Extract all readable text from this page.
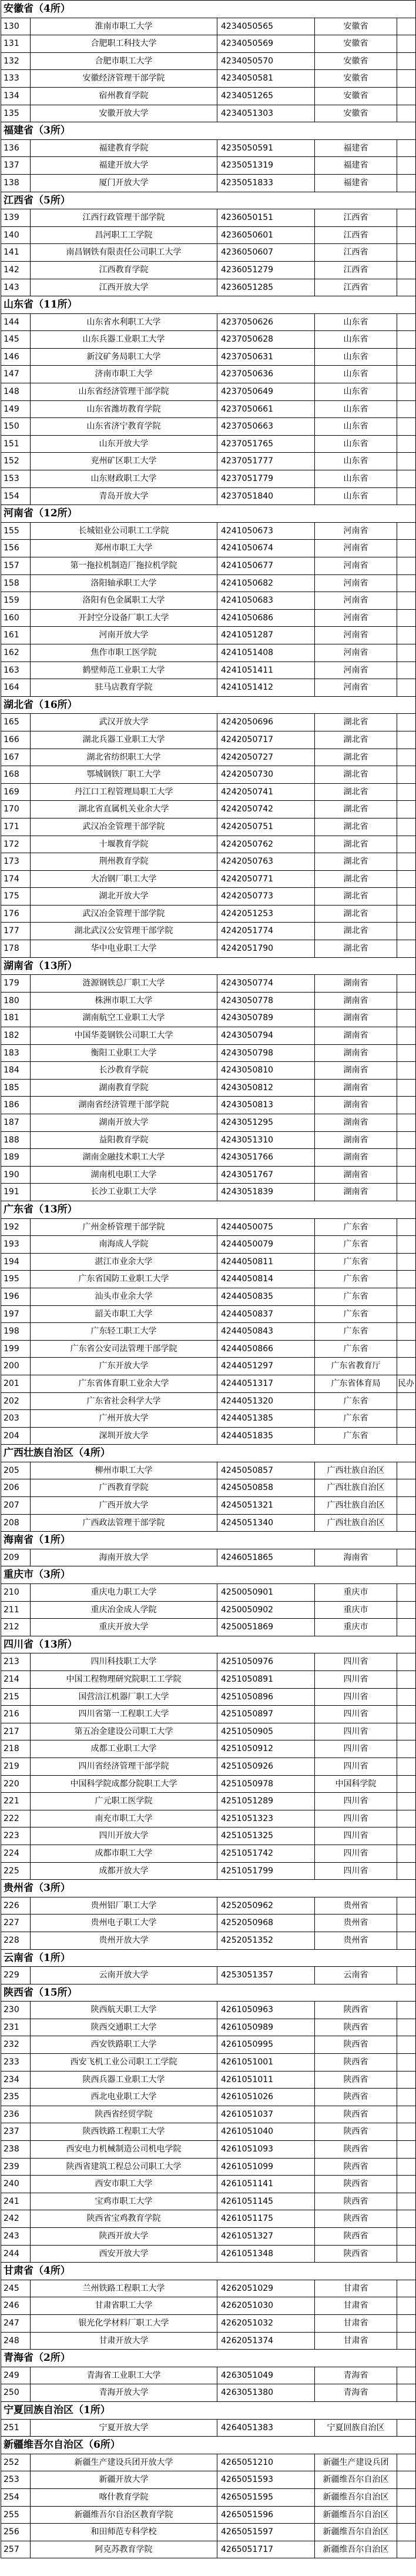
安徽省（4所）
130	淮南市职工大学	4234050565	安徽省
131	合肥职工科技大学	4234050569	安徽省
132	合肥市职工大学	4234050570	安徽省
133	安徽经济管理干部学院	4234050581	安徽省
134	宿州教育学院	4234051265	安徽省
135	安徽开放大学	4234051303	安徽省
福建省（3所）
136	福建教育学院	4235050591	福建省
137	福建开放大学	4235051319	福建省
138	厦门开放大学	4235051833	福建省
江西省（5所）
139	江西行政管理干部学院	4236050151	江西省
140	昌河职工工学院	4236050601	江西省
141	南昌钢铁有限责任公司职工大学	4236050607	江西省
142	江西教育学院	4236051279	江西省
143	江西开放大学	4236051285	江西省
山东省（11所）
144	山东省水利职工大学	4237050626	山东省
145	山东兵器工业职工大学	4237050628	山东省
146	新汶矿务局职工大学	4237050631	山东省
147	济南市职工大学	4237050636	山东省
148	山东省经济管理干部学院	4237050649	山东省
149	山东省潍坊教育学院	4237050661	山东省
150	山东省济宁教育学院	4237050663	山东省
151	山东开放大学	4237051765	山东省
152	兖州矿区职工大学	4237051777	山东省
153	山东财政职工大学	4237051779	山东省
154	青岛开放大学	4237051840	山东省
河南省（12所）
155	长城铝业公司职工工学院	4241050673	河南省
156	郑州市职工大学	4241050674	河南省
157	第一拖拉机制造厂拖拉机学院	4241050677	河南省
158	洛阳轴承职工大学	4241050682	河南省
159	洛阳有色金属职工大学	4241050683	河南省
160	开封空分设备厂职工大学	4241050686	河南省
161	河南开放大学	4241051287	河南省
162	焦作市职工医学院	4241051408	河南省
163	鹤壁师范工业职工大学	4241051411	河南省
164	驻马店教育学院	4241051412	河南省
湖北省（16所）
165	武汉开放大学	4242050696	湖北省
166	湖北兵器工业职工大学	4242050717	湖北省
167	湖北省纺织职工大学	4242050727	湖北省
168	鄂城钢铁厂职工大学	4242050730	湖北省
169	丹江口工程管理局职工大学	4242050741	湖北省
170	湖北省直属机关业余大学	4242050742	湖北省
171	武汉冶金管理干部学院	4242050751	湖北省
172	十堰教育学院	4242050762	湖北省
173	荆州教育学院	4242050763	湖北省
174	大冶钢厂职工大学	4242050771	湖北省
175	湖北开放大学	4242050773	湖北省
176	武汉冶金管理干部学院	4242051253	湖北省
177	湖北武汉公安管理干部学院	4242051774	湖北省
178	华中电业职工大学	4242051790	湖北省
湖南省（13所）
179	涟源钢铁总厂职工大学	4243050774	湖南省
180	株洲市职工大学	4243050778	湖南省
181	湖南航空工业职工大学	4243050789	湖南省
182	中国华菱钢铁公司职工大学	4243050794	湖南省
183	衡阳工业职工大学	4243050798	湖南省
184	长沙教育学院	4243050810	湖南省
185	湖南教育学院	4243050812	湖南省
186	湖南省经济管理干部学院	4243050813	湖南省
187	湖南开放大学	4243051295	湖南省
188	益阳教育学院	4243051310	湖南省
189	湖南金融技术职工大学	4243051766	湖南省
190	湖南机电职工大学	4243051767	湖南省
191	长沙工业职工大学	4243051839	湖南省
广东省（13所）
192	广州金桥管理干部学院	4244050075	广东省
193	南海成人学院	4244050079	广东省
194	湛江市业余大学	4244050811	广东省
195	广东省国防工业职工大学	4244050814	广东省
196	汕头市业余大学	4244050835	广东省
197	韶关市职工大学	4244050837	广东省
198	广东轻工职工大学	4244050843	广东省
199	广东省公安司法管理干部学院	4244050866	广东省
200	广东开放大学	4244051297	广东省教育厅
201	广东省体育职工业余大学	4244051317	广东省体育局	民办
202	广东省社会科学大学	4244051320	广东省
203	广州开放大学	4244051385	广东省
204	深圳开放大学	4244051835	广东省
广西壮族自治区（4所）
205	柳州市职工大学	4245050857	广西壮族自治区
206	广西教育学院	4245050858	广西壮族自治区
207	广西开放大学	4245051321	广西壮族自治区
208	广西政法管理干部学院	4245051340	广西壮族自治区
海南省（1所）
209	海南开放大学	4246051865	海南省
重庆市（3所）
210	重庆电力职工大学	4250050901	重庆市
211	重庆冶金成人学院	4250050902	重庆市
212	重庆开放大学	4250051869	重庆市
四川省（13所）
213	四川科技职工大学	4251050976	四川省
214	中国工程物理研究院职工工学院	4251050891	四川省
215	国营涪江机器厂职工大学	4251050896	四川省
216	四川省第一工程职工大学	4251050897	四川省
217	第五冶金建设公司职工大学	4251050905	四川省
218	成都工业职工大学	4251050912	四川省
219	四川省经济管理干部学院	4251050926	四川省
220	中国科学院成都分院职工大学	4251050978	中国科学院
221	广元职工医学院	4251051289	四川省
222	南充市职工大学	4251051323	四川省
223	四川开放大学	4251051325	四川省
224	成都市职工大学	4251051742	四川省
225	成都开放大学	4251051799	四川省
贵州省（3所）
226	贵州铝厂职工大学	4252050962	贵州省
227	贵州电子职工大学	4252050968	贵州省
228	贵州开放大学	4252051352	贵州省
云南省（1所）
229	云南开放大学	4253051357	云南省
陕西省（15所）
230	陕西航天职工大学	4261050963	陕西省
231	陕西交通职工大学	4261050989	陕西省
232	西安铁路职工大学	4261050995	陕西省
233	西安飞机工业公司职工工学院	4261051001	陕西省
234	陕西兵器工业职工大学	4261051011	陕西省
235	西北电业职工大学	4261051026	陕西省
236	陕西省经贸学院	4261051037	陕西省
237	陕西铁路工程职工大学	4261051040	陕西省
238	西安电力机械制造公司机电学院	4261051093	陕西省
239	陕西省建筑工程总公司职工大学	4261051099	陕西省
240	西安市职工大学	4261051141	陕西省
241	宝鸡市职工大学	4261051145	陕西省
242	陕西省宝鸡教育学院	4261051175	陕西省
243	陕西开放大学	4261051327	陕西省
244	西安开放大学	4261051348	陕西省
甘肃省（4所）
245	兰州铁路工程职工大学	4262051029	甘肃省
246	甘肃省职工大学	4262051030	甘肃省
247	银光化学材料厂职工大学	4262051032	甘肃省
248	甘肃开放大学	4262051374	甘肃省
青海省（2所）
249	青海省工业职工大学	4263051049	青海省
250	青海开放大学	4263051380	青海省
宁夏回族自治区（1所）
251	宁夏开放大学	4264051383	宁夏回族自治区
新疆维吾尔自治区（6所）
252	新疆生产建设兵团开放大学	4265051210	新疆生产建设兵团
253	新疆开放大学	4265051593	新疆维吾尔自治区
254	喀什教育学院	4265051595	新疆维吾尔自治区
255	新疆维吾尔自治区教育学院	4265051596	新疆维吾尔自治区
256	和田师范专科学校	4265051597	新疆维吾尔自治区
257	阿克苏教育学院	4265051717	新疆维吾尔自治区
